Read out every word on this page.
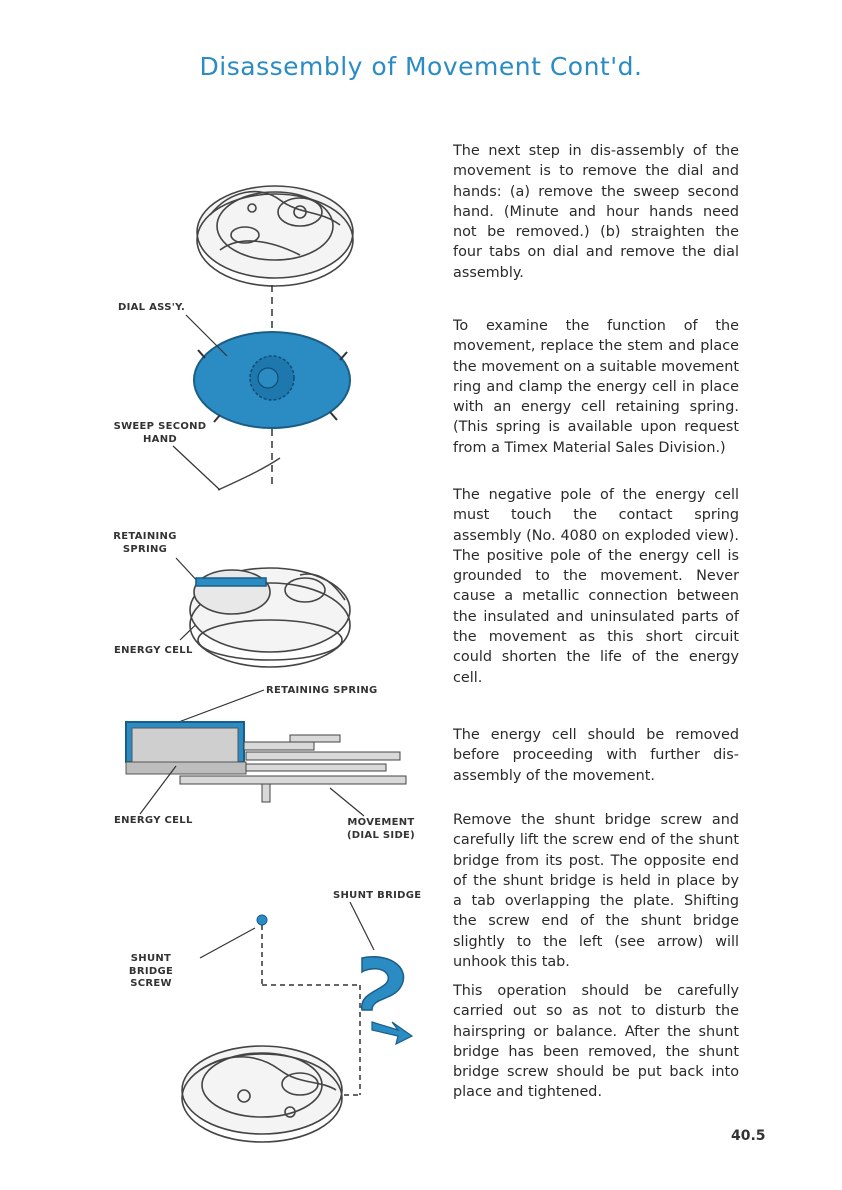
Disassembly of Movement Cont'd.
DIAL ASS'Y.
SWEEP SECOND
HAND
RETAINING
SPRING
ENERGY CELL
RETAINING SPRING
ENERGY CELL	MOVEMENT
(DIAL SIDE)
SHUNT BRIDGE
SHUNT BRIDGE
SCREW
The next step in dis-assembly of the movement is to remove the dial and hands: (a) remove the sweep second hand. (Minute and hour hands need not be removed.) (b) straighten the four tabs on dial and remove the dial assembly.
To examine the function of the movement, replace the stem and place the movement on a suitable movement ring and clamp the energy cell in place with an energy cell retaining spring. (This spring is available upon request from a Timex Material Sales Division.)
The negative pole of the energy cell must touch the contact spring assembly (No. 4080 on exploded view). The positive pole of the energy cell is grounded to the movement. Never cause a metallic connection between the insulated and uninsulated parts of the movement as this short circuit could shorten the life of the energy cell.
The energy cell should be removed before proceeding with further dis-assembly of the movement.
Remove the shunt bridge screw and carefully lift the screw end of the shunt bridge from its post. The opposite end of the shunt bridge is held in place by a tab overlapping the plate. Shifting the screw end of the shunt bridge slightly to the left (see arrow) will unhook this tab.
This operation should be carefully carried out so as not to disturb the hairspring or balance. After the shunt bridge has been removed, the shunt bridge screw should be put back into place and tightened.
40.5
